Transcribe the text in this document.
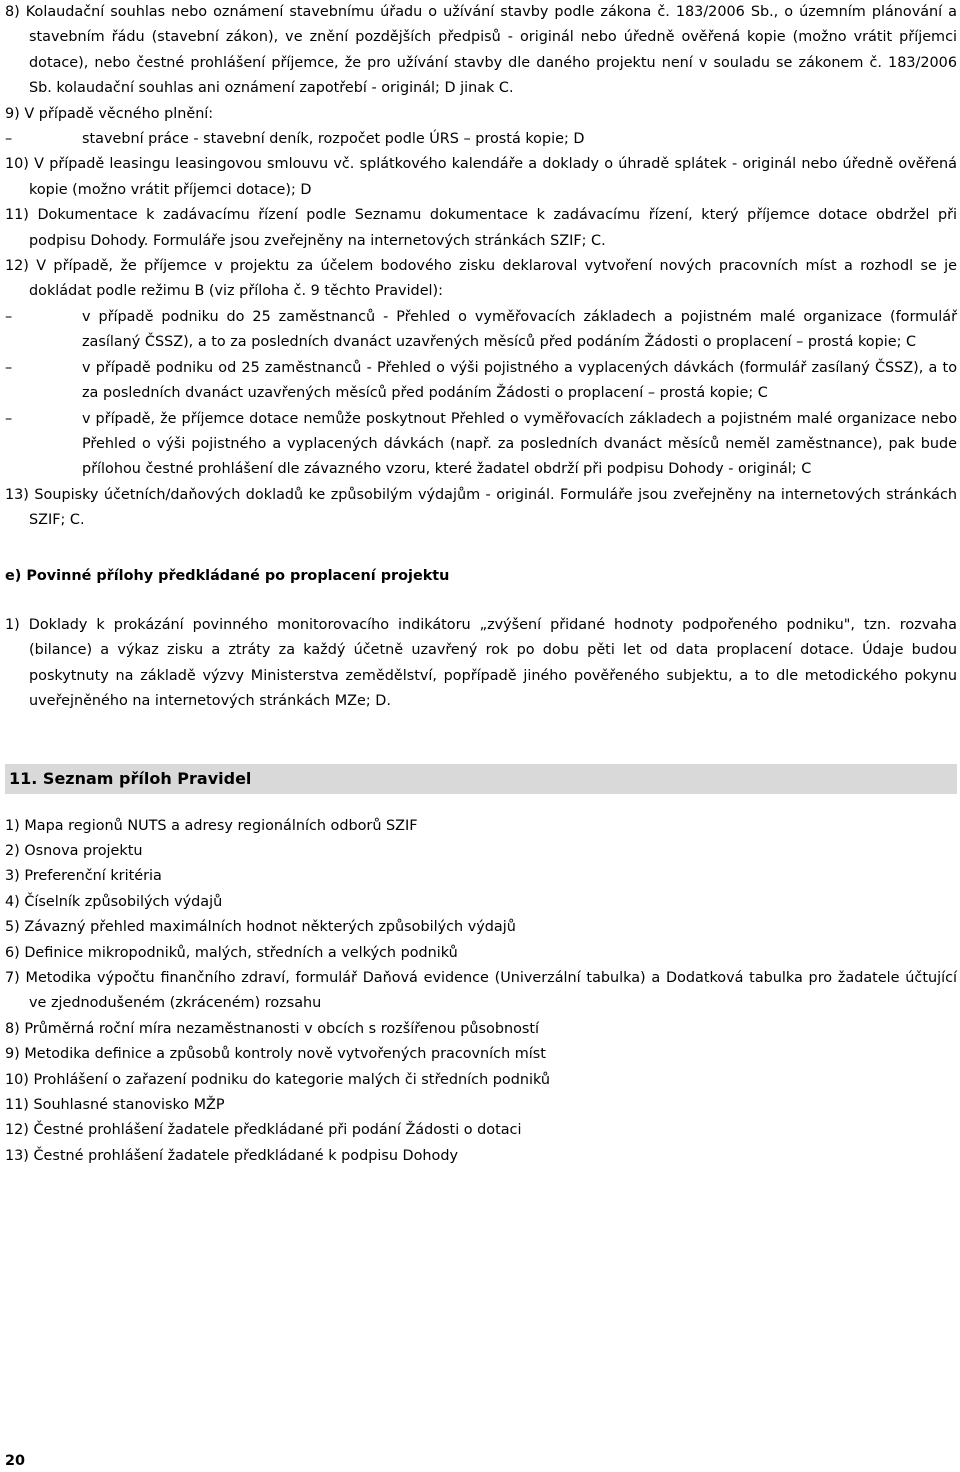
8) Kolaudační souhlas nebo oznámení stavebnímu úřadu o užívání stavby podle zákona č. 183/2006 Sb., o územním plánování a stavebním řádu (stavební zákon), ve znění pozdějších předpisů - originál nebo úředně ověřená kopie (možno vrátit příjemci dotace), nebo čestné prohlášení příjemce, že pro užívání stavby dle daného projektu není v souladu se zákonem č. 183/2006 Sb. kolaudační souhlas ani oznámení zapotřebí - originál; D jinak C.

9) V případě věcného plnění:

– stavební práce - stavební deník, rozpočet podle ÚRS – prostá kopie; D

10) V případě leasingu leasingovou smlouvu vč. splátkového kalendáře a doklady o úhradě splátek - originál nebo úředně ověřená kopie (možno vrátit příjemci dotace); D

11) Dokumentace k zadávacímu řízení podle Seznamu dokumentace k zadávacímu řízení, který příjemce dotace obdržel při podpisu Dohody. Formuláře jsou zveřejněny na internetových stránkách SZIF; C.

12) V případě, že příjemce v projektu za účelem bodového zisku deklaroval vytvoření nových pracovních míst a rozhodl se je dokládat podle režimu B (viz příloha č. 9 těchto Pravidel):

– v případě podniku do 25 zaměstnanců - Přehled o vyměřovacích základech a pojistném malé organizace (formulář zasílaný ČSSZ), a to za posledních dvanáct uzavřených měsíců před podáním Žádosti o proplacení – prostá kopie; C

– v případě podniku od 25 zaměstnanců - Přehled o výši pojistného a vyplacených dávkách (formulář zasílaný ČSSZ), a to za posledních dvanáct uzavřených měsíců před podáním Žádosti o proplacení – prostá kopie; C

– v případě, že příjemce dotace nemůže poskytnout Přehled o vyměřovacích základech a pojistném malé organizace nebo Přehled o výši pojistného a vyplacených dávkách (např. za posledních dvanáct měsíců neměl zaměstnance), pak bude přílohou čestné prohlášení dle závazného vzoru, které žadatel obdrží při podpisu Dohody - originál; C

13) Soupisky účetních/daňových dokladů ke způsobilým výdajům - originál. Formuláře jsou zveřejněny na internetových stránkách SZIF; C.

e) Povinné přílohy předkládané po proplacení projektu

1) Doklady k prokázání povinného monitorovacího indikátoru „zvýšení přidané hodnoty podpořeného podniku", tzn. rozvaha (bilance) a výkaz zisku a ztráty za každý účetně uzavřený rok po dobu pěti let od data proplacení dotace. Údaje budou poskytnuty na základě výzvy Ministerstva zemědělství, popřípadě jiného pověřeného subjektu, a to dle metodického pokynu uveřejněného na internetových stránkách MZe; D.

11. Seznam příloh Pravidel

1) Mapa regionů NUTS a adresy regionálních odborů SZIF

2) Osnova projektu

3) Preferenční kritéria

4) Číselník způsobilých výdajů

5) Závazný přehled maximálních hodnot některých způsobilých výdajů

6) Definice mikropodniků, malých, středních a velkých podniků

7) Metodika výpočtu finančního zdraví, formulář Daňová evidence (Univerzální tabulka) a Dodatková tabulka pro žadatele účtující ve zjednodušeném (zkráceném) rozsahu

8) Průměrná roční míra nezaměstnanosti v obcích s rozšířenou působností

9) Metodika definice a způsobů kontroly nově vytvořených pracovních míst

10) Prohlášení o zařazení podniku do kategorie malých či středních podniků

11) Souhlasné stanovisko MŽP

12) Čestné prohlášení žadatele předkládané při podání Žádosti o dotaci

13) Čestné prohlášení žadatele předkládané k podpisu Dohody

20
